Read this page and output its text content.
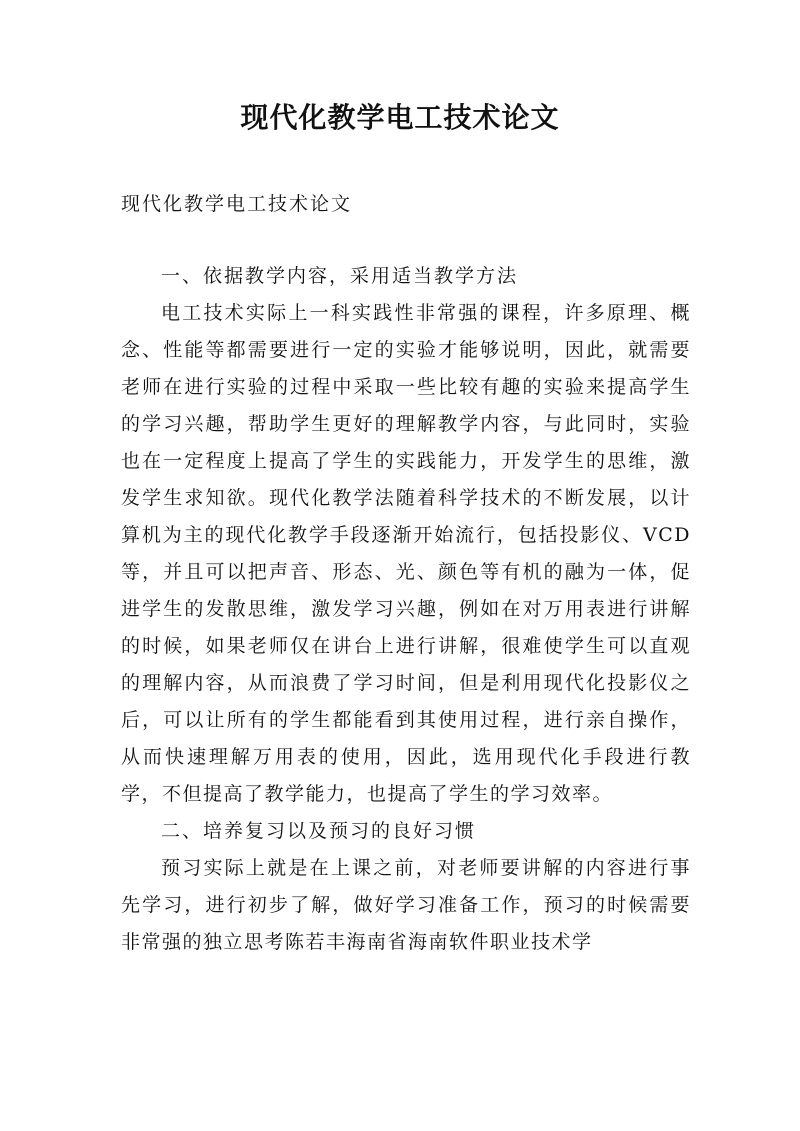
现代化教学电工技术论文

现代化教学电工技术论文

一、依据教学内容，采用适当教学方法

电工技术实际上一科实践性非常强的课程，许多原理、概念、性能等都需要进行一定的实验才能够说明，因此，就需要老师在进行实验的过程中采取一些比较有趣的实验来提高学生的学习兴趣，帮助学生更好的理解教学内容，与此同时，实验也在一定程度上提高了学生的实践能力，开发学生的思维，激发学生求知欲。现代化教学法随着科学技术的不断发展，以计算机为主的现代化教学手段逐渐开始流行，包括投影仪、VCD等，并且可以把声音、形态、光、颜色等有机的融为一体，促进学生的发散思维，激发学习兴趣，例如在对万用表进行讲解的时候，如果老师仅在讲台上进行讲解，很难使学生可以直观的理解内容，从而浪费了学习时间，但是利用现代化投影仪之后，可以让所有的学生都能看到其使用过程，进行亲自操作，从而快速理解万用表的使用，因此，选用现代化手段进行教学，不但提高了教学能力，也提高了学生的学习效率。

二、培养复习以及预习的良好习惯

预习实际上就是在上课之前，对老师要讲解的内容进行事先学习，进行初步了解，做好学习准备工作，预习的时候需要非常强的独立思考陈若丰海南省海南软件职业技术学
